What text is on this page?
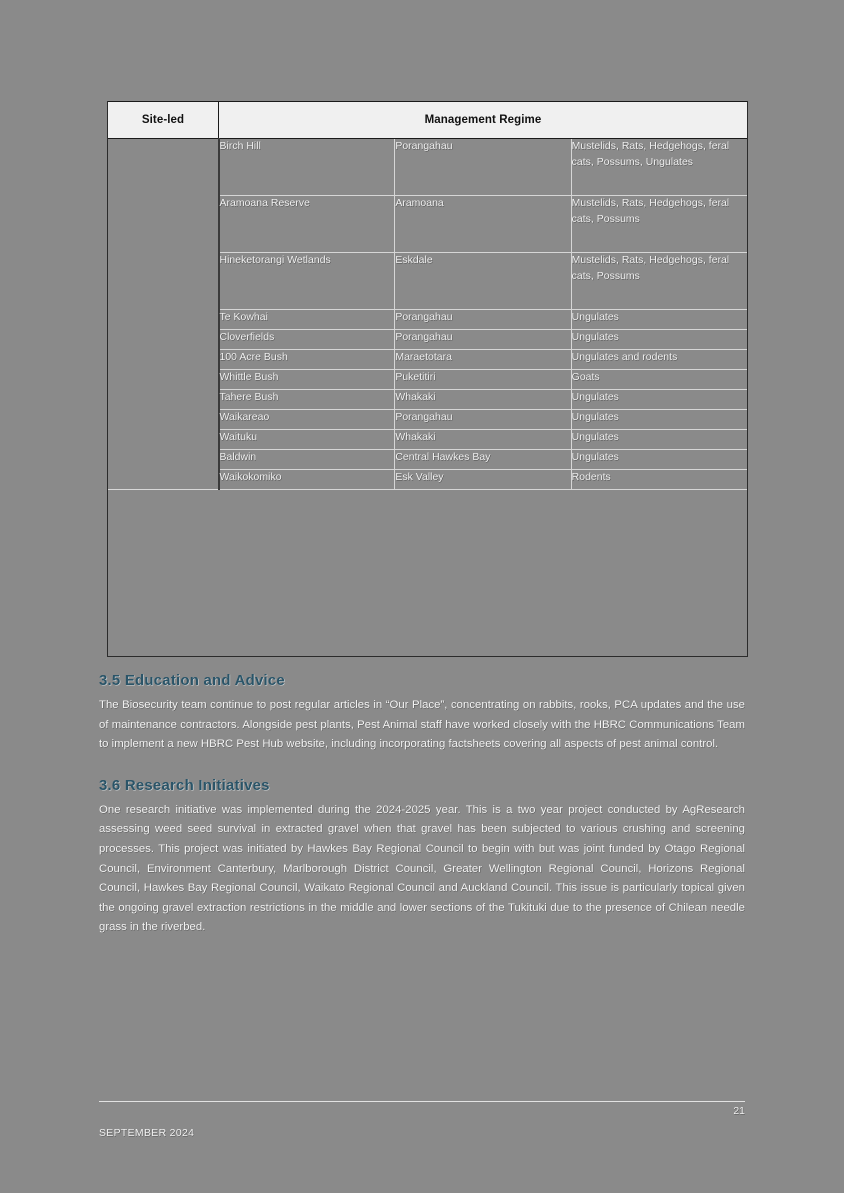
Site-led	Management Regime		
	Birch Hill	Porangahau	Mustelids, Rats, Hedgehogs, feral cats, Possums, Ungulates
	Aramoana Reserve	Aramoana	Mustelids, Rats, Hedgehogs, feral cats, Possums
	Hineketorangi Wetlands	Eskdale	Mustelids, Rats, Hedgehogs, feral cats, Possums
	Te Kowhai	Porangahau	Ungulates
	Cloverfields	Porangahau	Ungulates
	100 Acre Bush	Maraetotara	Ungulates and rodents
	Whittle Bush	Puketitiri	Goats
	Tahere Bush	Whakaki	Ungulates
	Waikareao	Porangahau	Ungulates
	Waituku	Whakaki	Ungulates
	Baldwin	Central Hawkes Bay	Ungulates
	Waikokomiko	Esk Valley	Rodents
3.5 Education and Advice

The Biosecurity team continue to post regular articles in “Our Place”, concentrating on rabbits, rooks, PCA updates and the use of maintenance contractors. Alongside pest plants, Pest Animal staff have worked closely with the HBRC Communications Team to implement a new HBRC Pest Hub website, including incorporating factsheets covering all aspects of pest animal control.

3.6 Research Initiatives

One research initiative was implemented during the 2024-2025 year. This is a two year project conducted by AgResearch assessing weed seed survival in extracted gravel when that gravel has been subjected to various crushing and screening processes. This project was initiated by Hawkes Bay Regional Council to begin with but was joint funded by Otago Regional Council, Environment Canterbury, Marlborough District Council, Greater Wellington Regional Council, Horizons Regional Council, Hawkes Bay Regional Council, Waikato Regional Council and Auckland Council. This issue is particularly topical given the ongoing gravel extraction restrictions in the middle and lower sections of the Tukituki due to the presence of Chilean needle grass in the riverbed.

21
SEPTEMBER 2024
